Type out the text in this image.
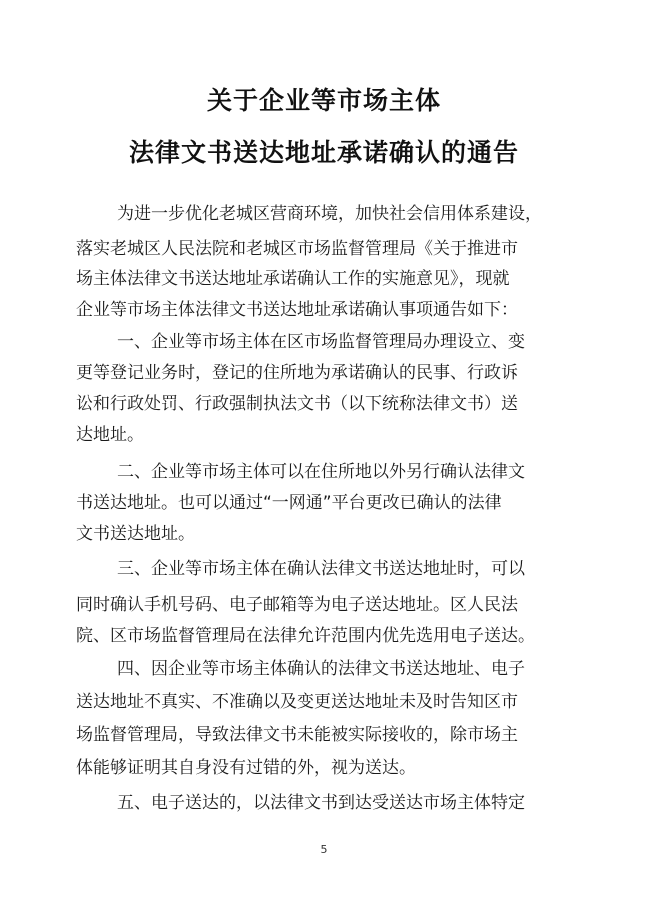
关于企业等市场主体
法律文书送达地址承诺确认的通告
为进一步优化老城区营商环境，加快社会信用体系建设，
落实老城区人民法院和老城区市场监督管理局《关于推进市
场主体法律文书送达地址承诺确认工作的实施意见》，现就
企业等市场主体法律文书送达地址承诺确认事项通告如下：
一、企业等市场主体在区市场监督管理局办理设立、变
更等登记业务时，登记的住所地为承诺确认的民事、行政诉
讼和行政处罚、行政强制执法文书（以下统称法律文书）送
达地址。
二、企业等市场主体可以在住所地以外另行确认法律文
书送达地址。也可以通过“一网通”平台更改已确认的法律
文书送达地址。
三、企业等市场主体在确认法律文书送达地址时，可以
同时确认手机号码、电子邮箱等为电子送达地址。区人民法
院、区市场监督管理局在法律允许范围内优先选用电子送达。
四、因企业等市场主体确认的法律文书送达地址、电子
送达地址不真实、不准确以及变更送达地址未及时告知区市
场监督管理局，导致法律文书未能被实际接收的，除市场主
体能够证明其自身没有过错的外，视为送达。
五、电子送达的，以法律文书到达受送达市场主体特定
5
